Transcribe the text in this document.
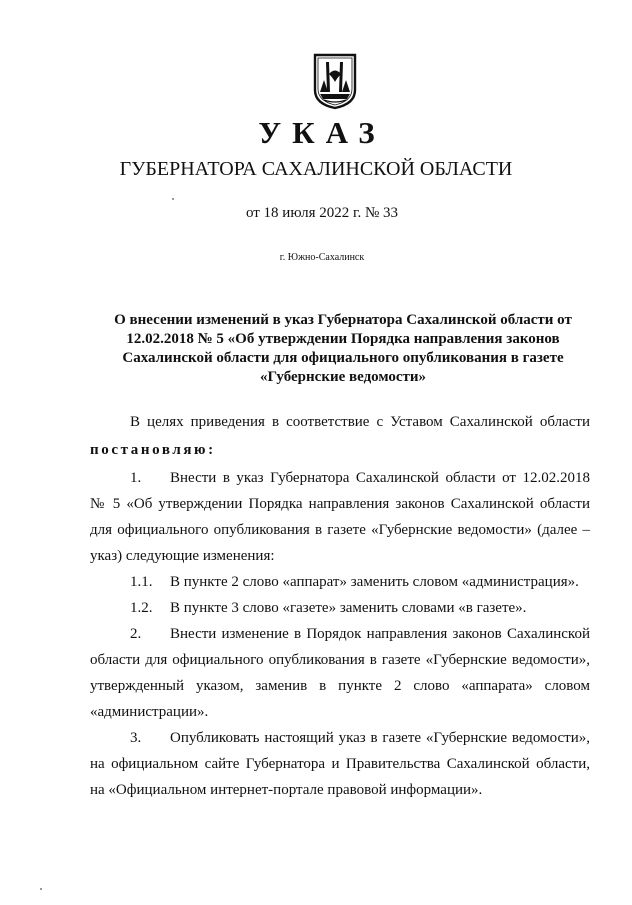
УКАЗ
ГУБЕРНАТОРА САХАЛИНСКОЙ ОБЛАСТИ
от 18 июля 2022 г. № 33
г. Южно-Сахалинск
О внесении изменений в указ Губернатора Сахалинской области от
12.02.2018 № 5 «Об утверждении Порядка направления законов
Сахалинской области для официального опубликования в газете
«Губернские ведомости»
В целях приведения в соответствие с Уставом Сахалинской области
постановляю:
1. Внести в указ Губернатора Сахалинской области от 12.02.2018
№ 5 «Об утверждении Порядка направления законов Сахалинской области
для официального опубликования в газете «Губернские ведомости» (далее –
указ) следующие изменения:
1.1. В пункте 2 слово «аппарат» заменить словом «администрация».
1.2. В пункте 3 слово «газете» заменить словами «в газете».
2. Внести изменение в Порядок направления законов Сахалинской
области для официального опубликования в газете «Губернские ведомости»,
утвержденный указом, заменив в пункте 2 слово «аппарата» словом
«администрации».
3. Опубликовать настоящий указ в газете «Губернские ведомости»,
на официальном сайте Губернатора и Правительства Сахалинской области,
на «Официальном интернет-портале правовой информации».
